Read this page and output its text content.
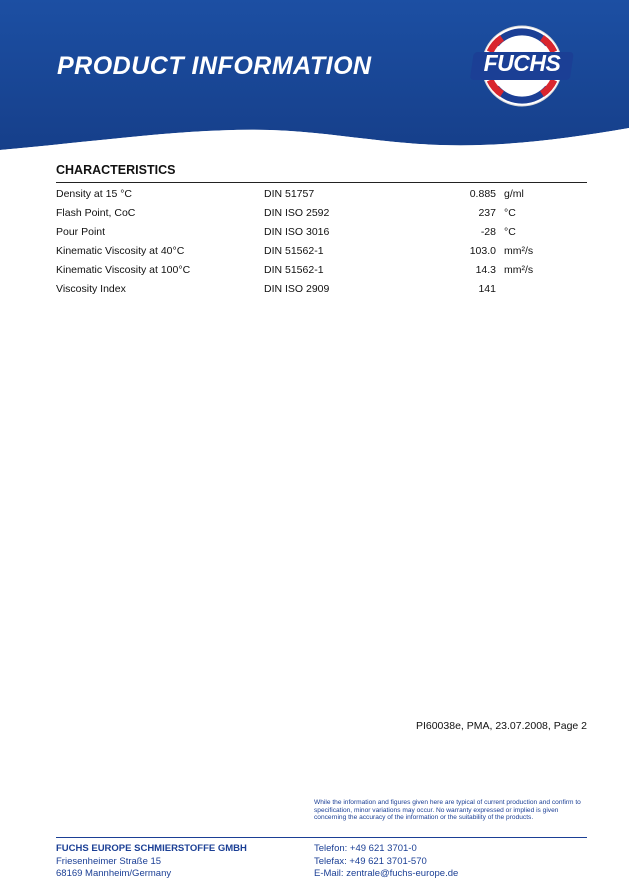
PRODUCT INFORMATION	FUCHS
CHARACTERISTICS
Density at 15 °C	DIN 51757	0.885	g/ml
Flash Point, CoC	DIN ISO 2592	237	°C
Pour Point	DIN ISO 3016	-28	°C
Kinematic Viscosity at 40°C	DIN 51562-1	103.0	mm²/s
Kinematic Viscosity at 100°C	DIN 51562-1	14.3	mm²/s
Viscosity Index	DIN ISO 2909	141	
PI60038e, PMA, 23.07.2008, Page 2
While the information and figures given here are typical of current production and confirm to specification, minor variations may occur. No warranty expressed or implied is given concerning the accuracy of the information or the suitability of the products.
FUCHS EUROPE SCHMIERSTOFFE GMBH
Friesenheimer Straße 15
68169 Mannheim/Germany
Telefon: +49 621 3701-0
Telefax: +49 621 3701-570
E-Mail: zentrale@fuchs-europe.de
